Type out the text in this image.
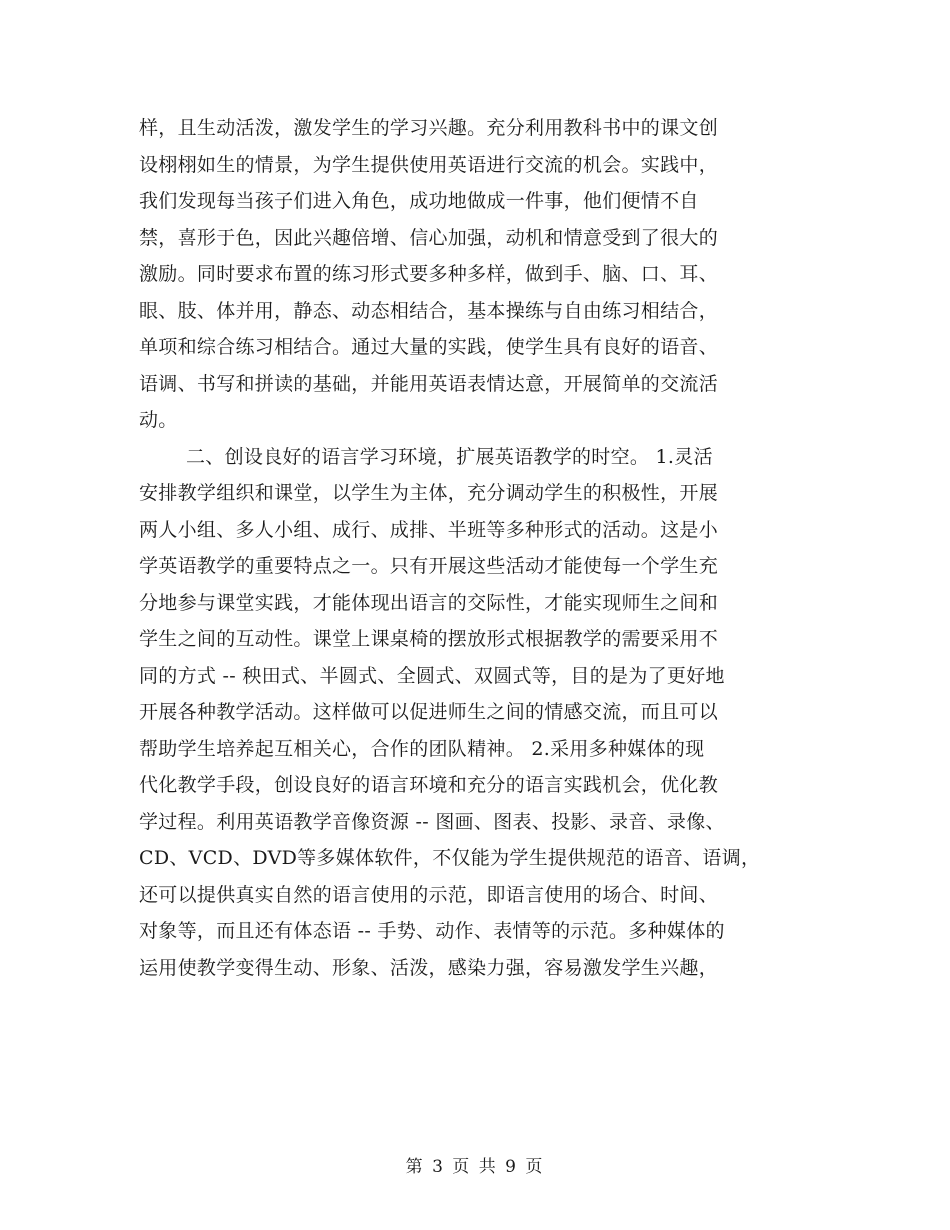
样，且生动活泼，激发学生的学习兴趣。充分利用教科书中的课文创
设栩栩如生的情景，为学生提供使用英语进行交流的机会。实践中，
我们发现每当孩子们进入角色，成功地做成一件事，他们便情不自
禁，喜形于色，因此兴趣倍增、信心加强，动机和情意受到了很大的
激励。同时要求布置的练习形式要多种多样，做到手、脑、口、耳、
眼、肢、体并用，静态、动态相结合，基本操练与自由练习相结合，
单项和综合练习相结合。通过大量的实践，使学生具有良好的语音、
语调、书写和拼读的基础，并能用英语表情达意，开展简单的交流活
动。
二、创设良好的语言学习环境，扩展英语教学的时空。 1.灵活
安排教学组织和课堂，以学生为主体，充分调动学生的积极性，开展
两人小组、多人小组、成行、成排、半班等多种形式的活动。这是小
学英语教学的重要特点之一。只有开展这些活动才能使每一个学生充
分地参与课堂实践，才能体现出语言的交际性，才能实现师生之间和
学生之间的互动性。课堂上课桌椅的摆放形式根据教学的需要采用不
同的方式 -- 秧田式、半圆式、全圆式、双圆式等，目的是为了更好地
开展各种教学活动。这样做可以促进师生之间的情感交流，而且可以
帮助学生培养起互相关心，合作的团队精神。 2.采用多种媒体的现
代化教学手段，创设良好的语言环境和充分的语言实践机会，优化教
学过程。利用英语教学音像资源 -- 图画、图表、投影、录音、录像、
CD、VCD、DVD等多媒体软件，不仅能为学生提供规范的语音、语调，
还可以提供真实自然的语言使用的示范，即语言使用的场合、时间、
对象等，而且还有体态语 -- 手势、动作、表情等的示范。多种媒体的
运用使教学变得生动、形象、活泼，感染力强，容易激发学生兴趣，
第 3 页 共 9 页
